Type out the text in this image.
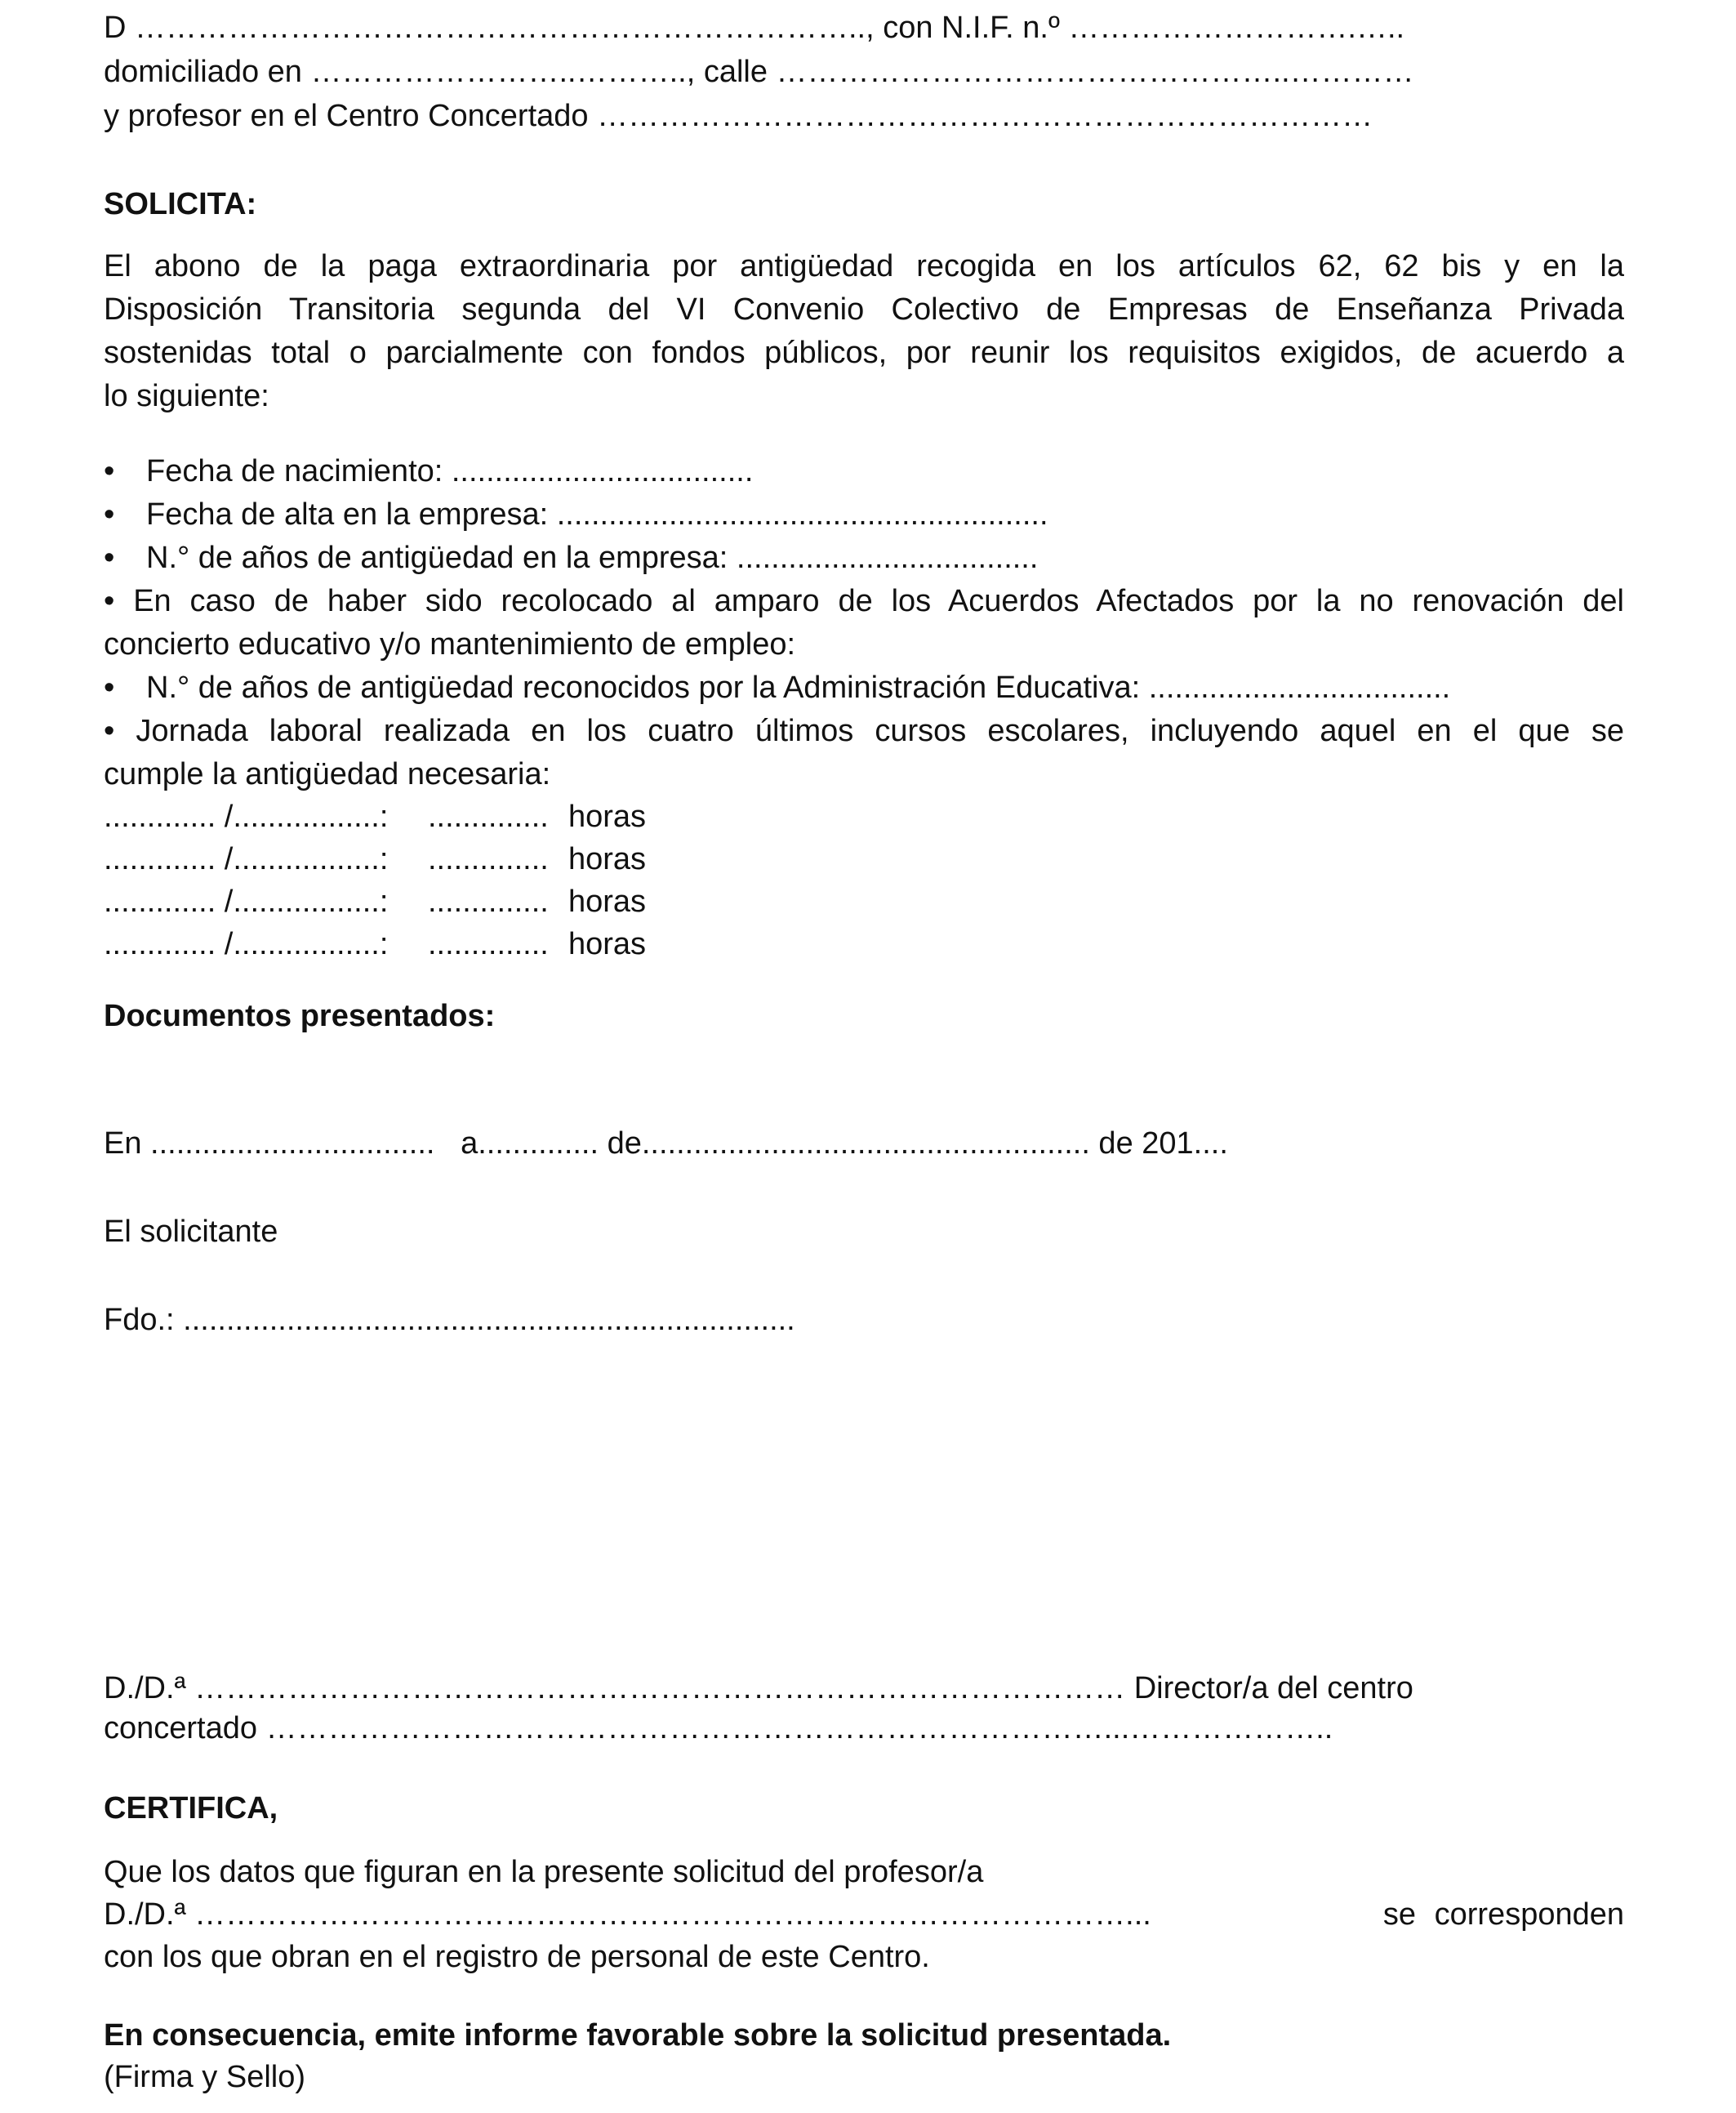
D …………………………………………………………….., con N.I.F. n.º ……………………….…..
domiciliado en ……………………..……….., calle …………………………………………..…………
y profesor en el Centro Concertado …………………………………………………………………
SOLICITA:
El abono de la paga extraordinaria por antigüedad recogida en los artículos 62, 62 bis y en la
Disposición Transitoria segunda del VI Convenio Colectivo de Empresas de Enseñanza Privada
sostenidas total o parcialmente con fondos públicos, por reunir los requisitos exigidos, de acuerdo a
lo siguiente:
• Fecha de nacimiento: ...................................
• Fecha de alta en la empresa: .........................................................
• N.° de años de antigüedad en la empresa: ...................................
• En caso de haber sido recolocado al amparo de los Acuerdos Afectados por la no renovación del
concierto educativo y/o mantenimiento de empleo:
• N.° de años de antigüedad reconocidos por la Administración Educativa: ...................................
• Jornada laboral realizada en los cuatro últimos cursos escolares, incluyendo aquel en el que se
cumple la antigüedad necesaria:
............. /.................: .............. horas
............. /.................: .............. horas
............. /.................: .............. horas
............. /.................: .............. horas
Documentos presentados:
En .................................   a.............. de.................................................... de 201....
El solicitante
Fdo.: .......................................................................
D./D.ª ……………………………………………………………………………… Director/a del centro
concertado ………………………………………………………………………...………………..
CERTIFICA,
Que los datos que figuran en la presente solicitud del profesor/a
D./D.ª ………………………………………………………………………………...	se corresponden
con los que obran en el registro de personal de este Centro.
En consecuencia, emite informe favorable sobre la solicitud presentada.
(Firma y Sello)
